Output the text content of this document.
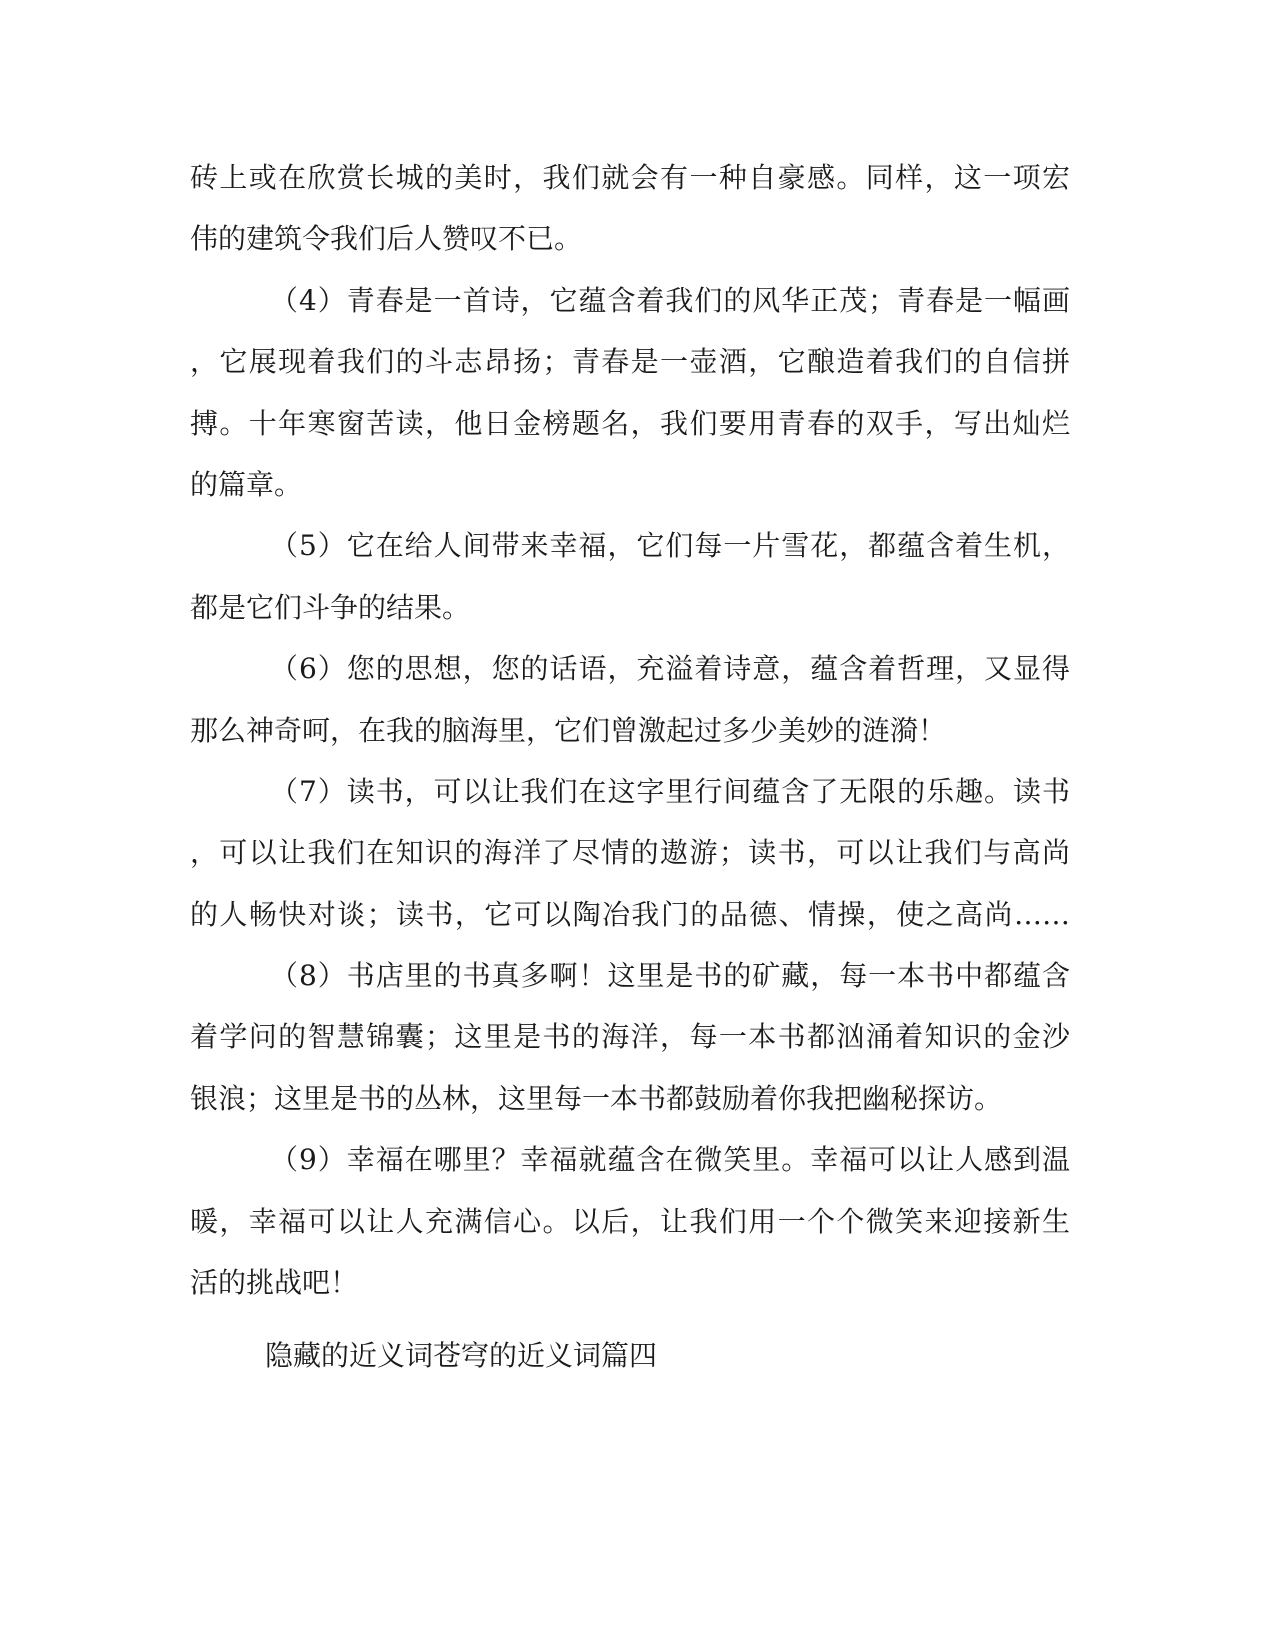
砖上或在欣赏长城的美时，我们就会有一种自豪感。同样，这一项宏
伟的建筑令我们后人赞叹不已。
（4）青春是一首诗，它蕴含着我们的风华正茂；青春是一幅画
，它展现着我们的斗志昂扬；青春是一壶酒，它酿造着我们的自信拼
搏。十年寒窗苦读，他日金榜题名，我们要用青春的双手，写出灿烂
的篇章。
（5）它在给人间带来幸福，它们每一片雪花，都蕴含着生机，
都是它们斗争的结果。
（6）您的思想，您的话语，充溢着诗意，蕴含着哲理，又显得
那么神奇呵，在我的脑海里，它们曾激起过多少美妙的涟漪！
（7）读书，可以让我们在这字里行间蕴含了无限的乐趣。读书
，可以让我们在知识的海洋了尽情的遨游；读书，可以让我们与高尚
的人畅快对谈；读书，它可以陶冶我门的品德、情操，使之高尚……
（8）书店里的书真多啊！这里是书的矿藏，每一本书中都蕴含
着学问的智慧锦囊；这里是书的海洋，每一本书都汹涌着知识的金沙
银浪；这里是书的丛林，这里每一本书都鼓励着你我把幽秘探访。
（9）幸福在哪里？幸福就蕴含在微笑里。幸福可以让人感到温
暖，幸福可以让人充满信心。以后，让我们用一个个微笑来迎接新生
活的挑战吧！
隐藏的近义词苍穹的近义词篇四
